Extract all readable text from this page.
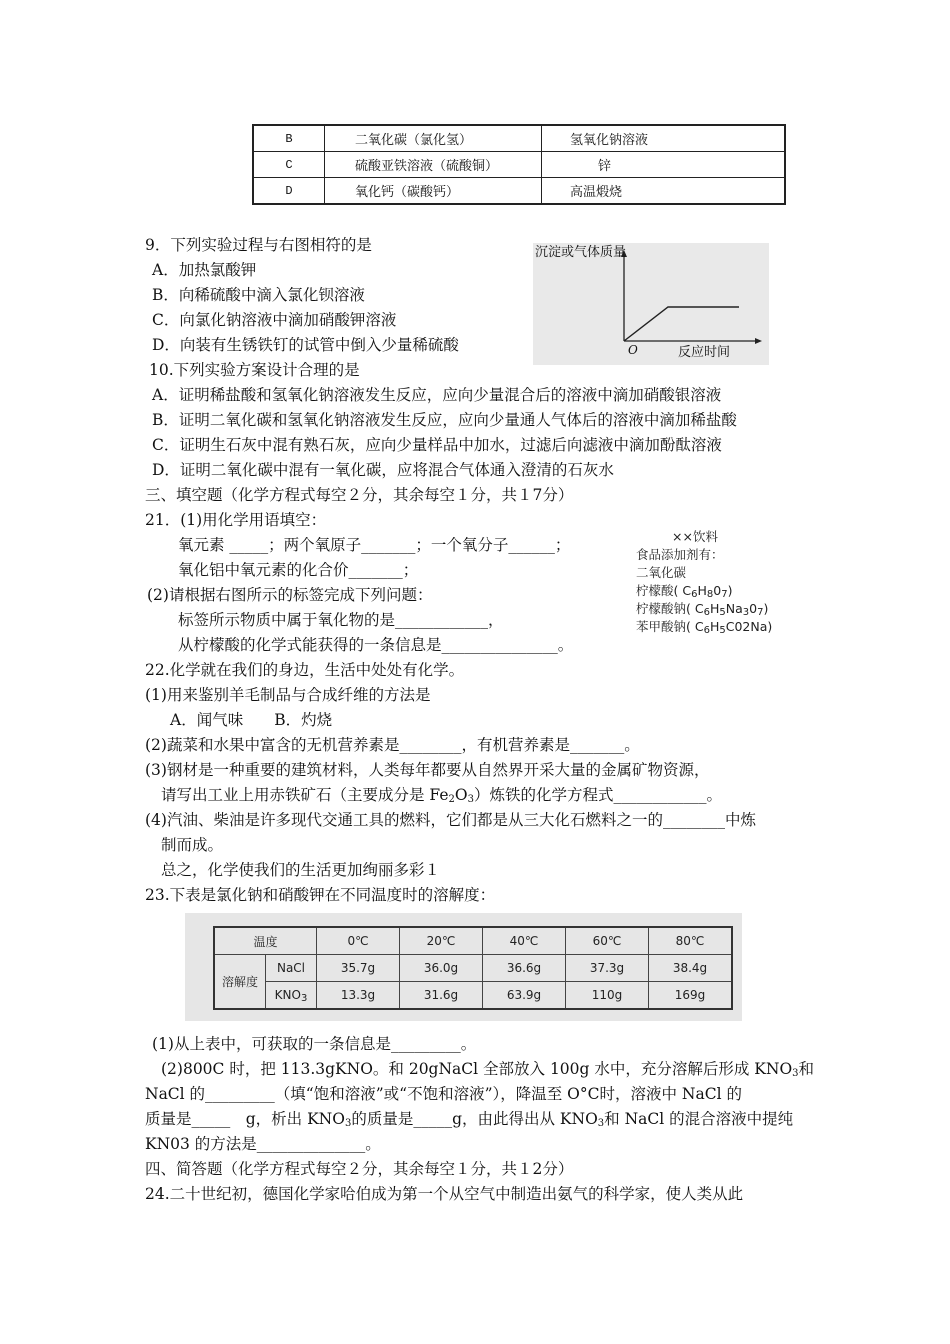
B	二氧化碳（氯化氢）	氢氧化钠溶液
C	硫酸亚铁溶液（硫酸铜）	锌
D	氧化钙（碳酸钙）	高温煅烧
9．下列实验过程与右图相符的是
A．加热氯酸钾
B．向稀硫酸中滴入氯化钡溶液
C．向氯化钠溶液中滴加硝酸钾溶液
D．向装有生锈铁钉的试管中倒入少量稀硫酸
沉淀或气体质量
反应时间
O
10.下列实验方案设计合理的是
A．证明稀盐酸和氢氧化钠溶液发生反应，应向少量混合后的溶液中滴加硝酸银溶液
B．证明二氧化碳和氢氧化钠溶液发生反应，应向少量通人气体后的溶液中滴加稀盐酸
C．证明生石灰中混有熟石灰，应向少量样品中加水，过滤后向滤液中滴加酚酞溶液
D．证明二氧化碳中混有一氧化碳，应将混合气体通入澄清的石灰水
三、填空题（化学方程式每空２分，其余每空１分，共１7分）
21．(1)用化学用语填空：
氧元素 _____；两个氧原子_______；一个氧分子______；
氧化铝中氧元素的化合价_______；
(2)请根据右图所示的标签完成下列问题：
标签所示物质中属于氧化物的是____________，
从柠檬酸的化学式能获得的一条信息是_______________。
××饮料
食品添加剂有：
二氧化碳
柠檬酸( $C_6H_80_7$)
柠檬酸钠( $C_6H_5Na_30_7$)
苯甲酸钠( $C_6H_5C02Na$)
22.化学就在我们的身边，生活中处处有化学。
(1)用来鉴别羊毛制品与合成纤维的方法是
A．闻气味　　B．灼烧
(2)蔬菜和水果中富含的无机营养素是________，有机营养素是_______。
(3)钢材是一种重要的建筑材料，人类每年都要从自然界开采大量的金属矿物资源，
请写出工业上用赤铁矿石（主要成分是 $Fe_2O_3$）炼铁的化学方程式____________。
(4)汽油、柴油是许多现代交通工具的燃料，它们都是从三大化石燃料之一的________中炼
制而成。
总之，化学使我们的生活更加绚丽多彩１
23.下表是氯化钠和硝酸钾在不同温度时的溶解度：
温度		0℃	20℃	40℃	60℃	80℃
溶解度	NaCl	35.7g	36.0g	36.6g	37.3g	38.4g
	$KNO_3$	13.3g	31.6g	63.9g	110g	169g
(1)从上表中，可获取的一条信息是_________。
(2)800C 时，把 113.3gKNO。和 20gNaCl 全部放入 100g 水中，充分溶解后形成 $KNO_3$和
NaCl 的_________（填“饱和溶液”或“不饱和溶液”），降温至 O°C时，溶液中 NaCl 的
质量是_____　g，析出 $KNO_3$的质量是_____g，由此得出从 $KNO_3$和 NaCl 的混合溶液中提纯
KN03 的方法是______________。
四、简答题（化学方程式每空２分，其余每空１分，共１2分）
24.二十世纪初，德国化学家哈伯成为第一个从空气中制造出氨气的科学家，使人类从此
